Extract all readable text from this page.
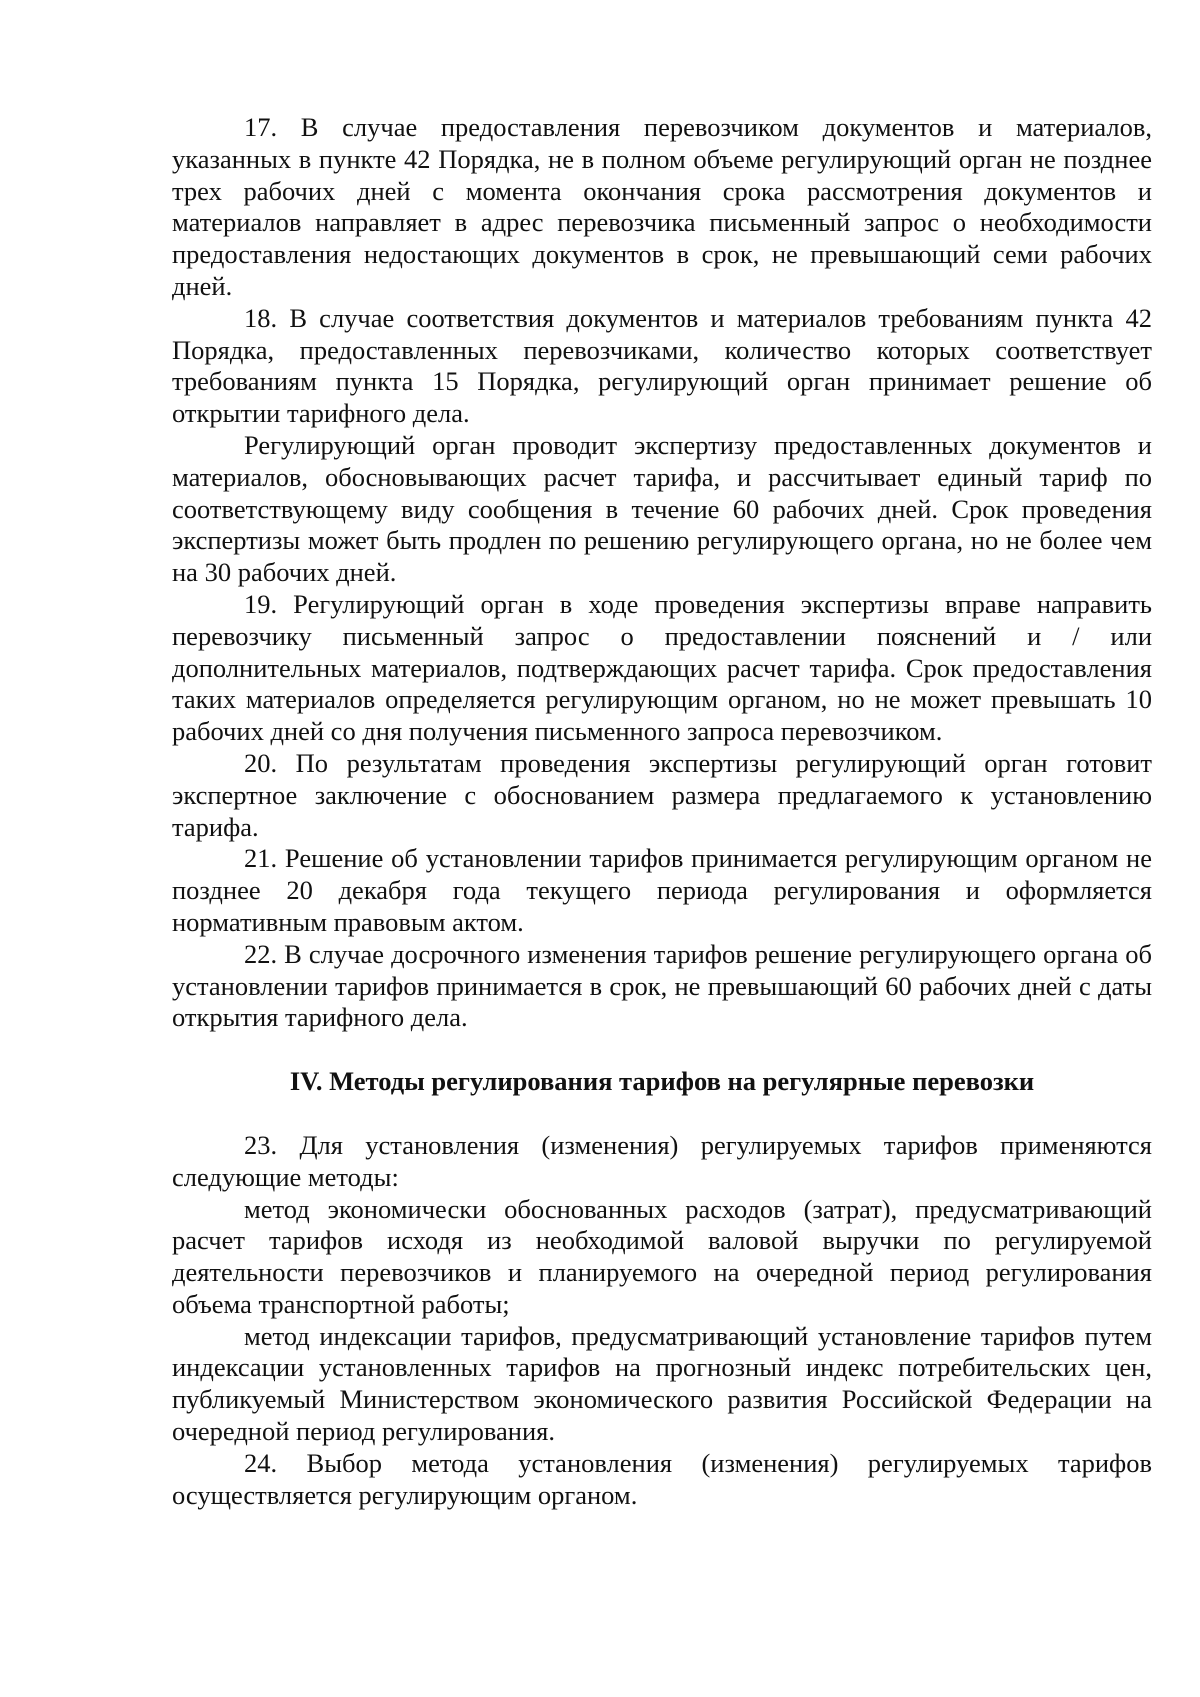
17. В случае предоставления перевозчиком документов и материалов, указанных в пункте 42 Порядка, не в полном объеме регулирующий орган не позднее трех рабочих дней с момента окончания срока рассмотрения документов и материалов направляет в адрес перевозчика письменный запрос о необходимости предоставления недостающих документов в срок, не превышающий семи рабочих дней.

18. В случае соответствия документов и материалов требованиям пункта 42 Порядка, предоставленных перевозчиками, количество которых соответствует требованиям пункта 15 Порядка, регулирующий орган принимает решение об открытии тарифного дела.

Регулирующий орган проводит экспертизу предоставленных документов и материалов, обосновывающих расчет тарифа, и рассчитывает единый тариф по соответствующему виду сообщения в течение 60 рабочих дней. Срок проведения экспертизы может быть продлен по решению регулирующего органа, но не более чем на 30 рабочих дней.

19. Регулирующий орган в ходе проведения экспертизы вправе направить перевозчику письменный запрос о предоставлении пояснений и / или дополнительных материалов, подтверждающих расчет тарифа. Срок предоставления таких материалов определяется регулирующим органом, но не может превышать 10 рабочих дней со дня получения письменного запроса перевозчиком.

20. По результатам проведения экспертизы регулирующий орган готовит экспертное заключение с обоснованием размера предлагаемого к установлению тарифа.

21. Решение об установлении тарифов принимается регулирующим органом не позднее 20 декабря года текущего периода регулирования и оформляется нормативным правовым актом.

22. В случае досрочного изменения тарифов решение регулирующего органа об установлении тарифов принимается в срок, не превышающий 60 рабочих дней с даты открытия тарифного дела.

IV. Методы регулирования тарифов на регулярные перевозки

23. Для установления (изменения) регулируемых тарифов применяются следующие методы:

метод экономически обоснованных расходов (затрат), предусматривающий расчет тарифов исходя из необходимой валовой выручки по регулируемой деятельности перевозчиков и планируемого на очередной период регулирования объема транспортной работы;

метод индексации тарифов, предусматривающий установление тарифов путем индексации установленных тарифов на прогнозный индекс потребительских цен, публикуемый Министерством экономического развития Российской Федерации на очередной период регулирования.

24. Выбор метода установления (изменения) регулируемых тарифов осуществляется регулирующим органом.
